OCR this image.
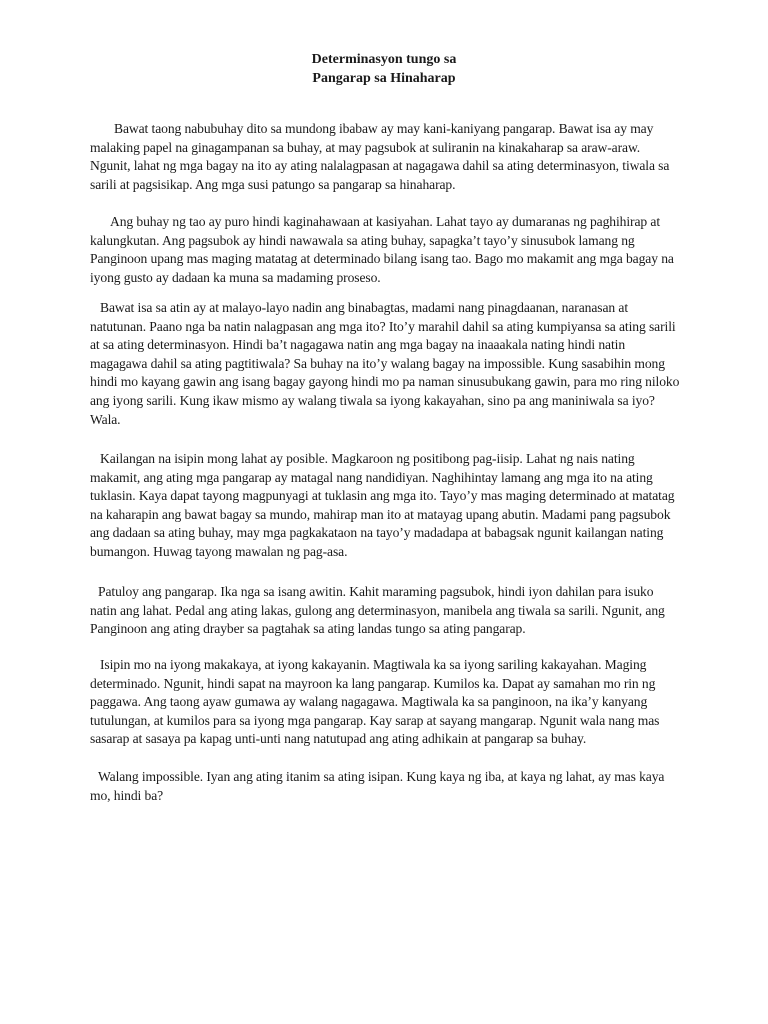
Determinasyon tungo sa
Pangarap sa Hinaharap

Bawat taong nabubuhay dito sa mundong ibabaw ay may kani-kaniyang pangarap. Bawat isa ay may malaking papel na ginagampanan sa buhay, at may pagsubok at suliranin na kinakaharap sa araw-araw. Ngunit, lahat ng mga bagay na ito ay ating nalalagpasan at nagagawa dahil sa ating determinasyon, tiwala sa sarili at pagsisikap. Ang mga susi patungo sa pangarap sa hinaharap.

Ang buhay ng tao ay puro hindi kaginahawaan at kasiyahan. Lahat tayo ay dumaranas ng paghihirap at kalungkutan. Ang pagsubok ay hindi nawawala sa ating buhay, sapagka’t tayo’y sinusubok lamang ng Panginoon upang mas maging matatag at determinado bilang isang tao. Bago mo makamit ang mga bagay na iyong gusto ay dadaan ka muna sa madaming proseso.

Bawat isa sa atin ay at malayo-layo nadin ang binabagtas, madami nang pinagdaanan, naranasan at natutunan. Paano nga ba natin nalagpasan ang mga ito? Ito’y marahil dahil sa ating kumpiyansa sa ating sarili at sa ating determinasyon. Hindi ba’t nagagawa natin ang mga bagay na inaaakala nating hindi natin magagawa dahil sa ating pagtitiwala? Sa buhay na ito’y walang bagay na impossible. Kung sasabihin mong hindi mo kayang gawin ang isang bagay gayong hindi mo pa naman sinusubukang gawin, para mo ring niloko ang iyong sarili. Kung ikaw mismo ay walang tiwala sa iyong kakayahan, sino pa ang maniniwala sa iyo? Wala.

Kailangan na isipin mong lahat ay posible. Magkaroon ng positibong pag-iisip. Lahat ng nais nating makamit, ang ating mga pangarap ay matagal nang nandidiyan. Naghihintay lamang ang mga ito na ating tuklasin. Kaya dapat tayong magpunyagi at tuklasin ang mga ito. Tayo’y mas maging determinado at matatag na kaharapin ang bawat bagay sa mundo, mahirap man ito at matayag upang abutin. Madami pang pagsubok ang dadaan sa ating buhay, may mga pagkakataon na tayo’y madadapa at babagsak ngunit kailangan nating bumangon. Huwag tayong mawalan ng pag-asa.

Patuloy ang pangarap. Ika nga sa isang awitin. Kahit maraming pagsubok, hindi iyon dahilan para isuko natin ang lahat. Pedal ang ating lakas, gulong ang determinasyon, manibela ang tiwala sa sarili. Ngunit, ang Panginoon ang ating drayber sa pagtahak sa ating landas tungo sa ating pangarap.

Isipin mo na iyong makakaya, at iyong kakayanin. Magtiwala ka sa iyong sariling kakayahan. Maging determinado. Ngunit, hindi sapat na mayroon ka lang pangarap. Kumilos ka. Dapat ay samahan mo rin ng paggawa. Ang taong ayaw gumawa ay walang nagagawa. Magtiwala ka sa panginoon, na ika’y kanyang tutulungan, at kumilos para sa iyong mga pangarap. Kay sarap at sayang mangarap. Ngunit wala nang mas sasarap at sasaya pa kapag unti-unti nang natutupad ang ating adhikain at pangarap sa buhay.

Walang impossible. Iyan ang ating itanim sa ating isipan. Kung kaya ng iba, at kaya ng lahat, ay mas kaya mo, hindi ba?
